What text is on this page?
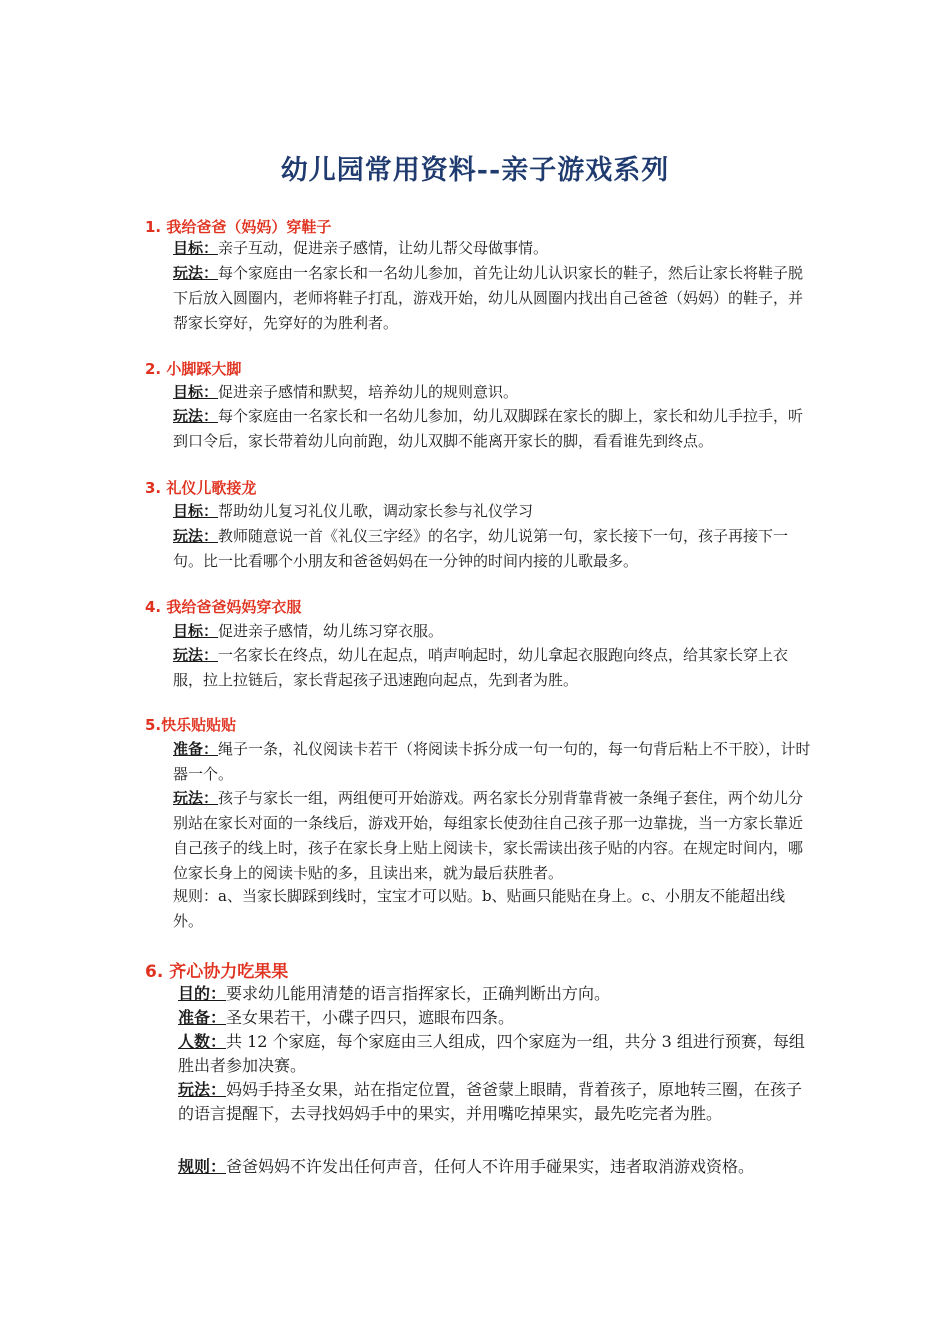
幼儿园常用资料--亲子游戏系列
1. 我给爸爸（妈妈）穿鞋子
目标：亲子互动，促进亲子感情，让幼儿帮父母做事情。
玩法：每个家庭由一名家长和一名幼儿参加，首先让幼儿认识家长的鞋子，然后让家长将鞋子脱下后放入圆圈内，老师将鞋子打乱，游戏开始，幼儿从圆圈内找出自己爸爸（妈妈）的鞋子，并帮家长穿好，先穿好的为胜利者。
2. 小脚踩大脚
目标：促进亲子感情和默契，培养幼儿的规则意识。
玩法：每个家庭由一名家长和一名幼儿参加，幼儿双脚踩在家长的脚上，家长和幼儿手拉手，听到口令后，家长带着幼儿向前跑，幼儿双脚不能离开家长的脚，看看谁先到终点。
3. 礼仪儿歌接龙
目标：帮助幼儿复习礼仪儿歌，调动家长参与礼仪学习
玩法：教师随意说一首《礼仪三字经》的名字，幼儿说第一句，家长接下一句，孩子再接下一句。比一比看哪个小朋友和爸爸妈妈在一分钟的时间内接的儿歌最多。
4. 我给爸爸妈妈穿衣服
目标：促进亲子感情，幼儿练习穿衣服。
玩法：一名家长在终点，幼儿在起点，哨声响起时，幼儿拿起衣服跑向终点，给其家长穿上衣服，拉上拉链后，家长背起孩子迅速跑向起点，先到者为胜。
5.快乐贴贴贴
准备：绳子一条，礼仪阅读卡若干（将阅读卡拆分成一句一句的，每一句背后粘上不干胶），计时器一个。
玩法：孩子与家长一组，两组便可开始游戏。两名家长分别背靠背被一条绳子套住，两个幼儿分别站在家长对面的一条线后，游戏开始，每组家长使劲往自己孩子那一边靠拢，当一方家长靠近自己孩子的线上时，孩子在家长身上贴上阅读卡，家长需读出孩子贴的内容。在规定时间内，哪位家长身上的阅读卡贴的多，且读出来，就为最后获胜者。
规则：a、当家长脚踩到线时，宝宝才可以贴。b、贴画只能贴在身上。c、小朋友不能超出线外。
6. 齐心协力吃果果
目的：要求幼儿能用清楚的语言指挥家长，正确判断出方向。
准备：圣女果若干，小碟子四只，遮眼布四条。
人数：共 12 个家庭，每个家庭由三人组成，四个家庭为一组，共分 3 组进行预赛，每组胜出者参加决赛。
玩法：妈妈手持圣女果，站在指定位置，爸爸蒙上眼睛，背着孩子，原地转三圈，在孩子的语言提醒下，去寻找妈妈手中的果实，并用嘴吃掉果实，最先吃完者为胜。
规则：爸爸妈妈不许发出任何声音，任何人不许用手碰果实，违者取消游戏资格。
